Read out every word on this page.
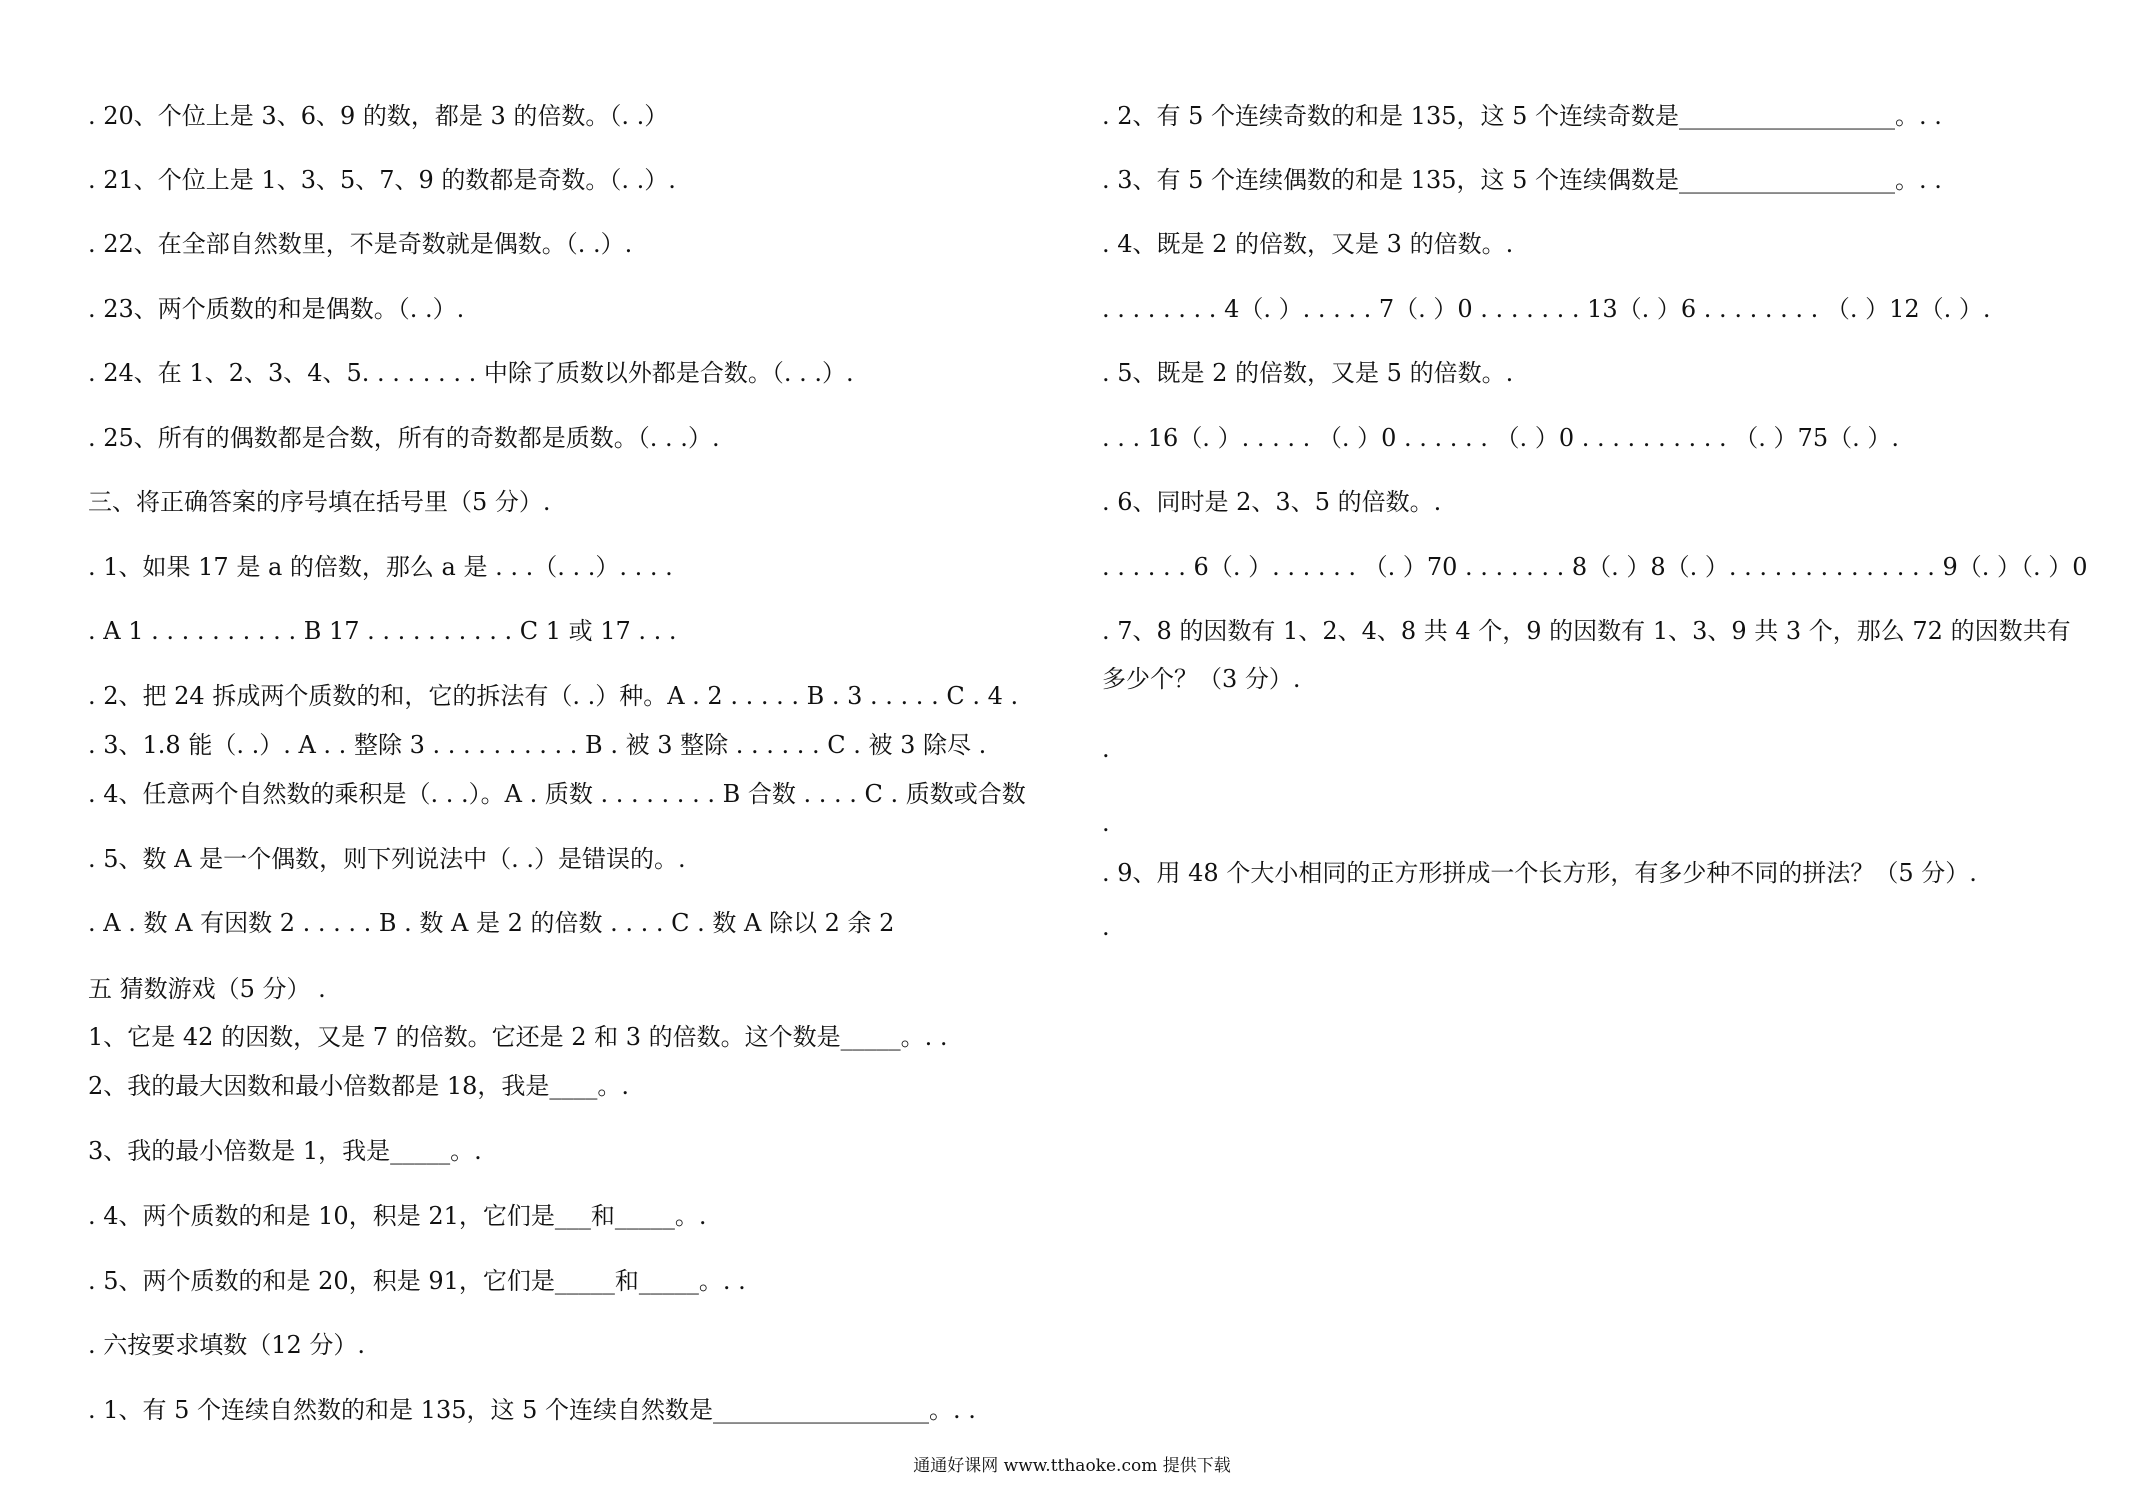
. 20、个位上是 3、6、9 的数，都是 3 的倍数。（. .）
. 21、个位上是 1、3、5、7、9 的数都是奇数。（. .）.
. 22、在全部自然数里，不是奇数就是偶数。（. .）.
. 23、两个质数的和是偶数。（. .）.
. 24、在 1、2、3、4、5. . . . . . . . 中除了质数以外都是合数。（. . .）.
. 25、所有的偶数都是合数，所有的奇数都是质数。（. . .）.
三、将正确答案的序号填在括号里（5 分）.
. 1、如果 17 是 a 的倍数，那么 a 是 . . .（. . .）. . . .
. A 1 . . . . . . . . . . B 17 . . . . . . . . . . C 1 或 17 . . .
. 2、把 24 拆成两个质数的和，它的拆法有（. .）种。A . 2 . . . . . B . 3 . . . . . C . 4 .
. 3、1.8 能（. .）. A . . 整除 3 . . . . . . . . . . B . 被 3 整除 . . . . . . C . 被 3 除尽 .
. 4、任意两个自然数的乘积是（. . .）。A . 质数 . . . . . . . . B 合数 . . . . C . 质数或合数
. 5、数 A 是一个偶数，则下列说法中（. .）是错误的。.
. A . 数 A 有因数 2 . . . . . B . 数 A 是 2 的倍数 . . . . C . 数 A 除以 2 余 2
五 猜数游戏（5 分） .
1、它是 42 的因数，又是 7 的倍数。它还是 2 和 3 的倍数。这个数是_____。. .
2、我的最大因数和最小倍数都是 18，我是____。.
3、我的最小倍数是 1，我是_____。.
. 4、两个质数的和是 10，积是 21，它们是___和_____。.
. 5、两个质数的和是 20，积是 91，它们是_____和_____。. .
. 六按要求填数（12 分）.
. 1、有 5 个连续自然数的和是 135，这 5 个连续自然数是__________________。. .
. 2、有 5 个连续奇数的和是 135，这 5 个连续奇数是__________________。. .
. 3、有 5 个连续偶数的和是 135，这 5 个连续偶数是__________________。. .
. 4、既是 2 的倍数，又是 3 的倍数。.
. . . . . . . . 4（. ）. . . . . 7（. ）0 . . . . . . . 13（. ）6 . . . . . . . . （. ）12（. ）.
. 5、既是 2 的倍数，又是 5 的倍数。.
. . . 16（. ）. . . . . （. ）0 . . . . . . （. ）0 . . . . . . . . . . （. ）75（. ）.
. 6、同时是 2、3、5 的倍数。.
. . . . . . 6（. ）. . . . . . （. ）70 . . . . . . . 8（. ）8（. ）. . . . . . . . . . . . . . 9（. ）（. ）0
. 7、8 的因数有 1、2、4、8 共 4 个，9 的因数有 1、3、9 共 3 个，那么 72 的因数共有多少个？（3 分）.
.
.
. 9、用 48 个大小相同的正方形拼成一个长方形，有多少种不同的拼法？（5 分）.
.
通通好课网 www.tthaoke.com 提供下载
